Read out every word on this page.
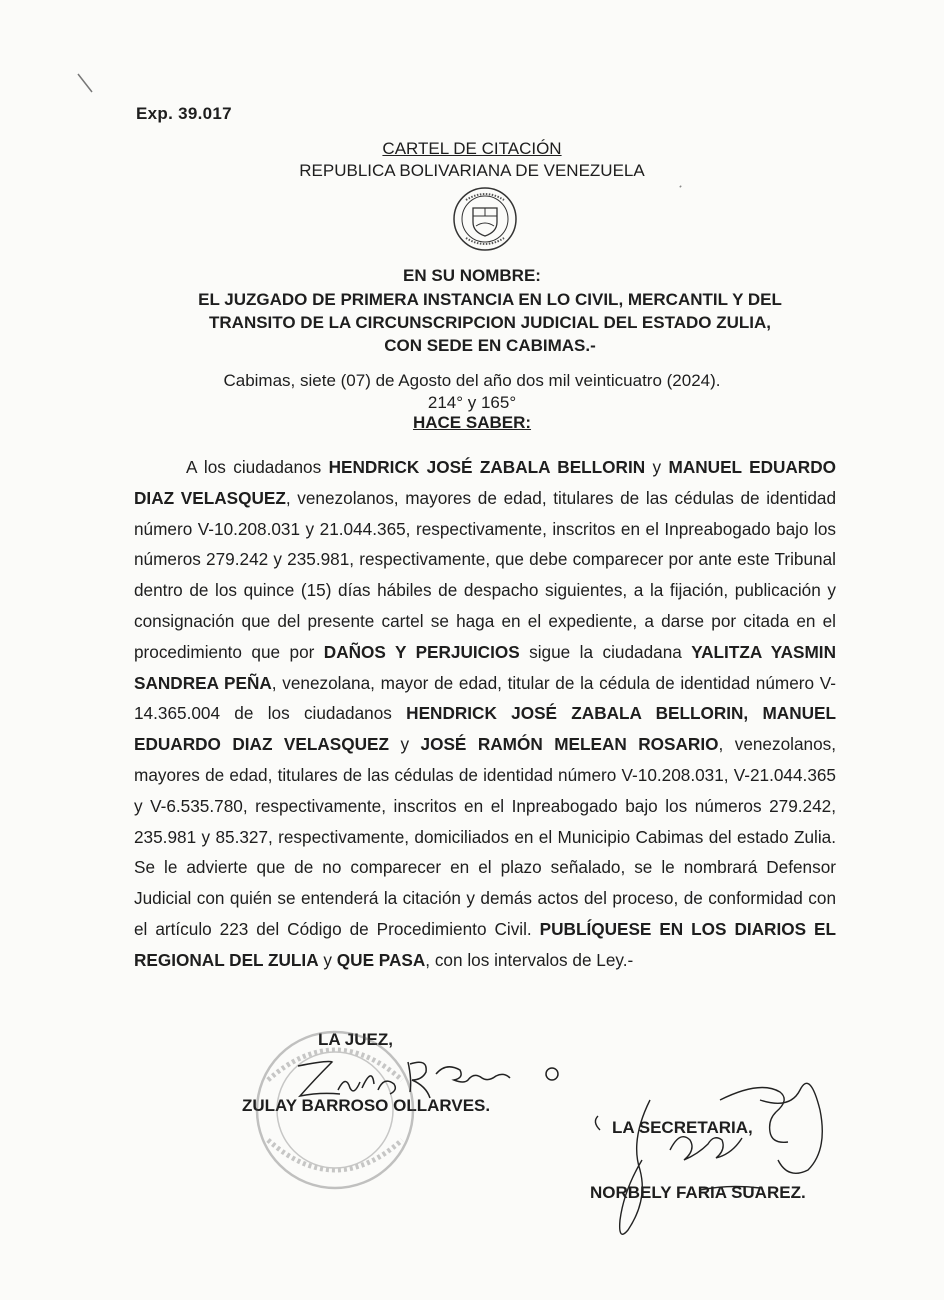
Exp. 39.017
CARTEL DE CITACIÓN
REPUBLICA BOLIVARIANA DE VENEZUELA
EN SU NOMBRE:
EL JUZGADO DE PRIMERA INSTANCIA EN LO CIVIL, MERCANTIL Y DEL
TRANSITO DE LA CIRCUNSCRIPCION JUDICIAL DEL ESTADO ZULIA,
CON SEDE EN CABIMAS.-
Cabimas, siete (07) de Agosto del año dos mil veinticuatro (2024).
214° y 165°
HACE SABER:

A los ciudadanos HENDRICK JOSÉ ZABALA BELLORIN y MANUEL EDUARDO DIAZ VELASQUEZ, venezolanos, mayores de edad, titulares de las cédulas de identidad número V-10.208.031 y 21.044.365, respectivamente, inscritos en el Inpreabogado bajo los números 279.242 y 235.981, respectivamente, que debe comparecer por ante este Tribunal dentro de los quince (15) días hábiles de despacho siguientes, a la fijación, publicación y consignación que del presente cartel se haga en el expediente, a darse por citada en el procedimiento que por DAÑOS Y PERJUICIOS sigue la ciudadana YALITZA YASMIN SANDREA PEÑA, venezolana, mayor de edad, titular de la cédula de identidad número V-14.365.004 de los ciudadanos HENDRICK JOSÉ ZABALA BELLORIN, MANUEL EDUARDO DIAZ VELASQUEZ y JOSÉ RAMÓN MELEAN ROSARIO, venezolanos, mayores de edad, titulares de las cédulas de identidad número V-10.208.031, V-21.044.365 y V-6.535.780, respectivamente, inscritos en el Inpreabogado bajo los números 279.242, 235.981 y 85.327, respectivamente, domiciliados en el Municipio Cabimas del estado Zulia. Se le advierte que de no comparecer en el plazo señalado, se le nombrará Defensor Judicial con quién se entenderá la citación y demás actos del proceso, de conformidad con el artículo 223 del Código de Procedimiento Civil. PUBLÍQUESE EN LOS DIARIOS EL REGIONAL DEL ZULIA y QUE PASA, con los intervalos de Ley.-

LA JUEZ,
ZULAY BARROSO OLLARVES.
LA SECRETARIA,
NORBELY FARIA SUAREZ.
